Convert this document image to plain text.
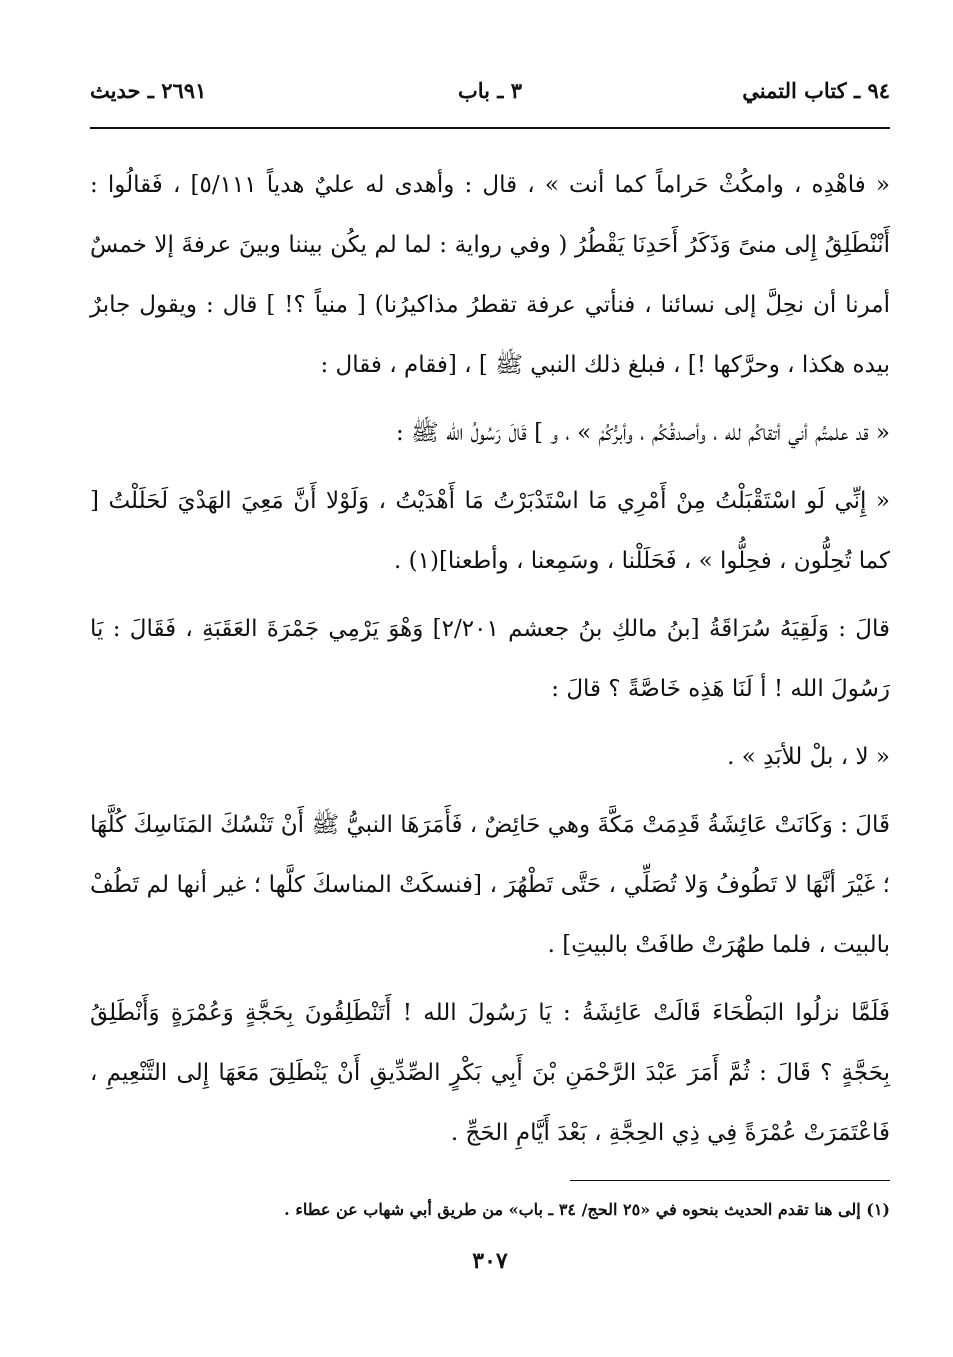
٩٤ ـ كتاب التمني
٣ ـ باب
٢٦٩١ ـ حديث

« فاهْدِه ، وامكُثْ حَراماً كما أنت » ، قال : وأهدى له عليٌ هدياً ٥/١١١] ، فَقالُوا : أَنْنْطَلِقُ إِلى منىً وَذَكَرُ أَحَدِنَا يَقْطُرُ ( وفي رواية : لما لم يكُن بيننا وبينَ عرفةَ إلا خمسٌ أمرنا أن نحِلَّ إلى نسائنا ، فنأتي عرفة تقطرُ مذاكيرُنا) [ منياً ؟! ] قال : ويقول جابرٌ بيده هكذا ، وحرَّكها !] ، فبلغ ذلك النبي ﷺ ] ، [فقام ، فقال :

« قد علمتُم أني أتقاكُم لله ، وأصدقُكُم ، وأبرُّكُمْ » ، و ] قَالَ رَسُولُ الله ﷺ :

« إِنِّي لَو اسْتَقْبَلْتُ مِنْ أَمْرِي مَا اسْتَدْبَرْتُ مَا أَهْدَيْتُ ، وَلَوْلا أَنَّ مَعِيَ الهَدْيَ لَحَلَلْتُ [ كما تُحِلُّون ، فحِلُّوا » ، فَحَلَلْنا ، وسَمِعنا ، وأطعنا](١) .

قالَ : وَلَقِيَهُ سُرَاقَةُ [بنُ مالكِ بنُ جعشم ٢/٢٠١] وَهْوَ يَرْمِي جَمْرَةَ العَقَبَةِ ، فَقَالَ : يَا رَسُولَ الله ! أ لَنَا هَذِه خَاصَّةً ؟ قالَ :

« لا ، بلْ للأبَدِ » .

قَالَ : وَكَانَتْ عَائِشَةُ قَدِمَتْ مَكَّةَ وهي حَائِضٌ ، فَأَمَرَهَا النبيُّ ﷺ أَنْ تَنْسُكَ المَنَاسِكَ كُلَّهَا ؛ غَيْرَ أنَّهَا لا تَطُوفُ وَلا تُصَلِّي ، حَتَّى تَطْهُرَ ، [فنسكَتْ المناسكَ كلَّها ؛ غير أنها لم تَطُفْ بالبيت ، فلما طهُرَتْ طافَتْ بالبيتِ] .

فَلَمَّا نزلُوا البَطْحَاءَ قَالَتْ عَائِشَةُ : يَا رَسُولَ الله ! أَتَنْطَلِقُونَ بِحَجَّةٍ وَعُمْرَةٍ وَأَنْطَلِقُ بِحَجَّةٍ ؟ قَالَ : ثُمَّ أَمَرَ عَبْدَ الرَّحْمَنِ بْنَ أَبِي بَكْرٍ الصِّدِّيقِ أَنْ يَنْطَلِقَ مَعَهَا إِلى التَّنْعِيمِ ، فَاعْتَمَرَتْ عُمْرَةً فِي ذِي الحِجَّةِ ، بَعْدَ أَيَّامِ الحَجِّ .

(١) إلى هنا تقدم الحديث بنحوه في «٢٥ الحج/ ٣٤ ـ باب» من طريق أبي شهاب عن عطاء .
٣٠٧
